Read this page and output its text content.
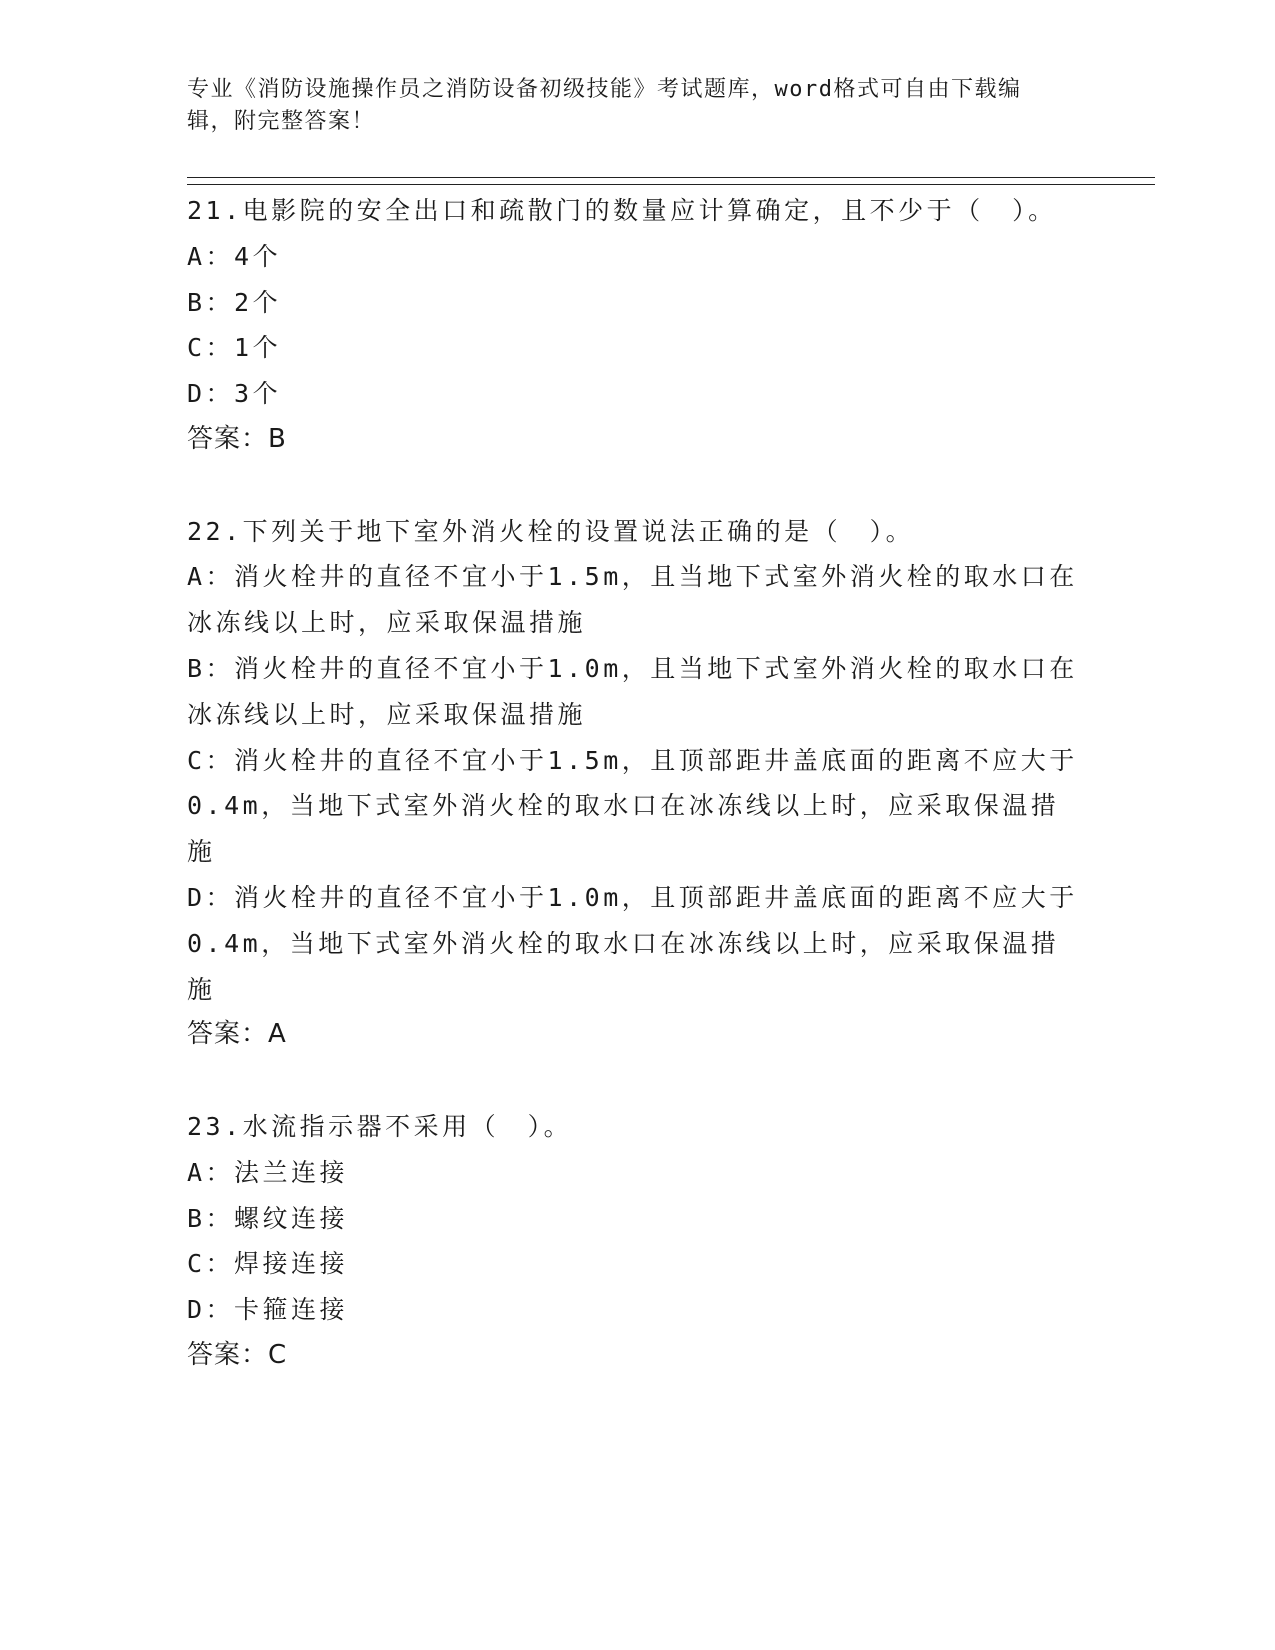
专业《消防设施操作员之消防设备初级技能》考试题库，word格式可自由下载编辑，附完整答案！
21.电影院的安全出口和疏散门的数量应计算确定，且不少于（　）。
A：4个
B：2个
C：1个
D：3个
答案：B
22.下列关于地下室外消火栓的设置说法正确的是（　）。
A：消火栓井的直径不宜小于1.5m，且当地下式室外消火栓的取水口在冰冻线以上时，应采取保温措施
B：消火栓井的直径不宜小于1.0m，且当地下式室外消火栓的取水口在冰冻线以上时，应采取保温措施
C：消火栓井的直径不宜小于1.5m，且顶部距井盖底面的距离不应大于0.4m，当地下式室外消火栓的取水口在冰冻线以上时，应采取保温措施
D：消火栓井的直径不宜小于1.0m，且顶部距井盖底面的距离不应大于0.4m，当地下式室外消火栓的取水口在冰冻线以上时，应采取保温措施
答案：A
23.水流指示器不采用（　）。
A：法兰连接
B：螺纹连接
C：焊接连接
D：卡箍连接
答案：C
